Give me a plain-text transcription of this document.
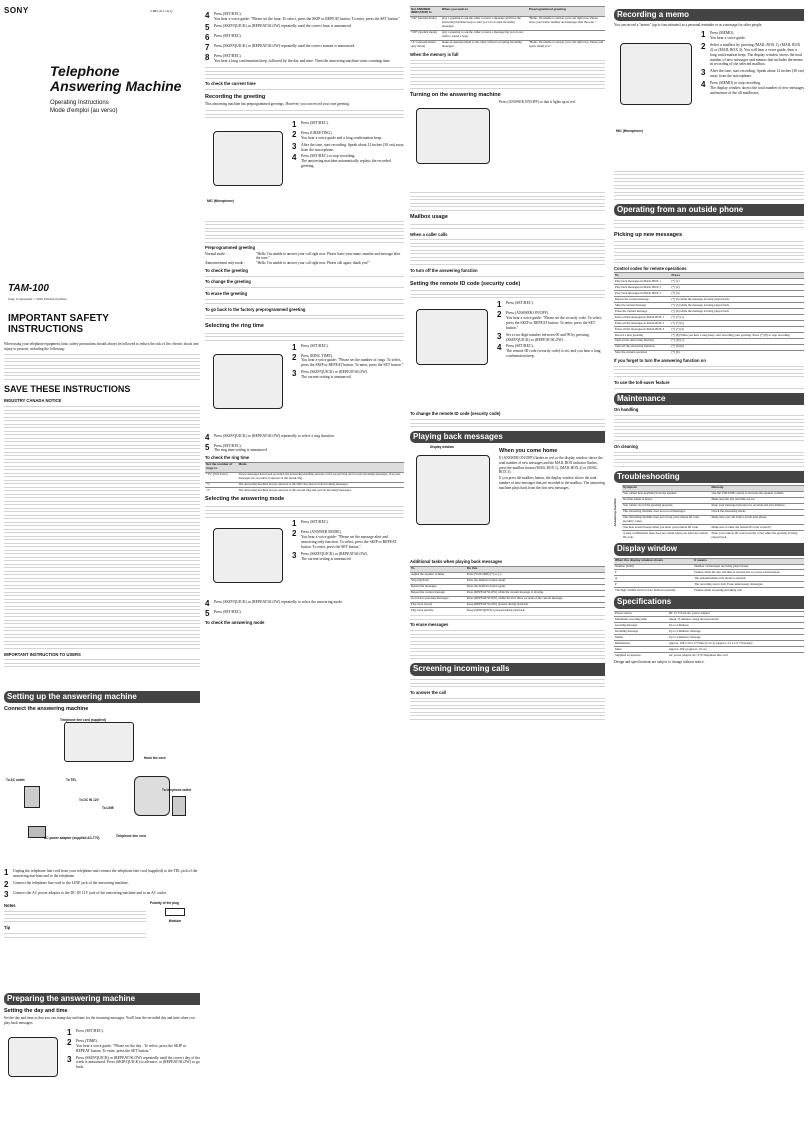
SONY	3-865-411-11(1)
Telephone
Answering Machine
Operating Instructions
Mode d'emploi (au verso)
TAM-100
Sony Corporation © 2001 Printed in China
IMPORTANT SAFETY
INSTRUCTIONS
When using your telephone equipment, basic safety precautions should always be followed to reduce the risk of fire, electric shock and injury to persons, including the following:
SAVE THESE INSTRUCTIONS
INDUSTRY CANADA NOTICE
IMPORTANT INSTRUCTION TO USERS
Setting up the answering machine
Connect the answering machine
Telephone line cord (supplied)
Hook the cord.
To AC outlet	To TEL
To DC IN 12V
To LINE
To telephone outlet
AC power adaptor (supplied AC-T70)	Telephone line cord
1	Unplug the telephone line cord from your telephone and connect the telephone line cord (supplied) to the TEL jack of the answering machine and to the telephone.
2	Connect the telephone line cord to the LINE jack of the answering machine.
3	Connect the AC power adaptor to the DC IN 12V jack of the answering machine and to an AC outlet.
Notes
Tip
Polarity of the plug
Modular
Preparing the answering machine
Setting the day and time
Set the day and time so that you can stamp day and time for the incoming messages. You'll hear the recorded day and time when you play back messages.
1	Press (SET/REC).
2	Press (TIME).
You hear a voice guide: "Please set the day . To select, press the SKIP or REPEAT button. To enter, press the SET button."
3	Press (SKIP/QUICK) or (REPEAT/SLOW) repeatedly until the correct day of the week is announced. Press (SKIP/QUICK) to advance, or (REPEAT/SLOW) to go back.
4	Press (SET/REC).
You hear a voice guide: "Please set the hour. To select, press the SKIP or REPEAT button. To enter, press the SET button."
5	Press (SKIP/QUICK) or (REPEAT/SLOW) repeatedly until the correct hour is announced.
6	Press (SET/REC).
7	Press (SKIP/QUICK) or (REPEAT/SLOW) repeatedly until the correct minute is announced.
8	Press (SET/REC).
You hear a long confirmation beep, followed by the day and time. Then the answering machine starts counting time.
To check the current time
Recording the greeting
This answering machine has preprogrammed greetings. However, you can record your own greeting.
MIC (Microphone)
1	Press (SET/REC).
2	Press (GREETING).
You hear a voice guide and a long confirmation beep.
3	After the tone, start recording. Speak about 12 inches (30 cm) away from the microphone.
4	Press (SET/REC) to stop recording.
The answering machine automatically replays the recorded greeting.
Preprogrammed greeting
Normal mode :	"Hello, I'm unable to answer your call right now. Please leave your name, number and message after the tone."
Announcement only mode :	"Hello, I'm unable to answer your call right now. Please call again, thank you!"
To check the greeting
To change the greeting
To erase the greeting
To go back to the factory preprogrammed greeting
Selecting the ring time
1	Press (SET/REC).
2	Press (RING TIME).
You hear a voice guide: "Please set the number of rings. To select, press the SKIP or REPEAT button. To enter, press the SET button."
3	Press (SKIP/QUICK) or (REPEAT/SLOW).
The current setting is announced.
4	Press (SKIP/QUICK) or (REPEAT/SLOW) repeatedly to select a ring duration.
5	Press (SET/REC).
The ring time setting is announced.
To check the ring time
Set the number of rings to	Mode
"TS" (Toll Saver)	If new messages have been recorded, the answering machine answers at the second ring and records incoming messages; if no new messages are recorded, it answers at the fourth ring.
"5"	The answering machine always answers at the fifth ring and records incoming messages.
"2"	The answering machine always answers at the second ring and records incoming messages.
Selecting the answering mode
1	Press (SET/REC).
2	Press (ANSWER MODE).
You hear a voice guide: "Please set the message alert and answering only function. To select, press the SKIP or REPEAT button. To enter, press the SET button."
3	Press (SKIP/QUICK) or (REPEAT/SLOW).
The current setting is announced.
4	Press (SKIP/QUICK) or (REPEAT/SLOW) repeatedly to select the answering mode.
5	Press (SET/REC).
To check the answering mode
Set ANSWER INDICATOR to	When you wish to	Preprogrammed greeting
"On" (normal mode)	play a greeting to ask the caller to leave a message and have the answering machine beep to alert you of recorded incoming messages.	"Hello, I'm unable to answer your call right now. Please leave your name, number and message after the tone."
"Off" (normal mode)	play a greeting to ask the caller to leave a message but you do not wish to sound a beep.	
"A" (announcement only mode)	make an announcement to the caller without accepting incoming messages.	"Hello, I'm unable to answer your call right now. Please call again, thank you."
When the memory is full
Turning on the answering machine
Press (ANSWER ON/OFF) so that it lights up in red.
Mailbox usage
When a caller calls
To turn off the answering function
Setting the remote ID code (security code)
1	Press (SET/REC).
2	Press (ANSWER ON/OFF).
You hear a voice guide: "Please set the security code. To select, press the SKIP or REPEAT button. To enter, press the SET button."
3	Set a two-digit number between 00 and 99 by pressing (SKIP/QUICK) or (REPEAT/SLOW).
4	Press (SET/REC).
The remote ID code (security code) is set, and you hear a long confirmation beep.
To change the remote ID code (security code)
Playing back messages
Display window
When you come home
If (ANSWER ON/OFF) flashes in red, or the display window shows the total number of new messages and the MAIL BOX indicator flashes, press the mailbox button (MAIL BOX 1), (MAIL BOX 2) or (MAIL BOX 3).
If you press the mailbox button, the display window shows the total number of new messages that are recorded to the mailbox. The answering machine plays back from the first new messages.
Additional tasks when playing back messages
To	Do this
Adjust the speaker volume	Press (VOLUME) (+) or (-).
Stop playback	Press the mailbox button again.
Repeat the messages	Press the mailbox button again.
Repeat the current message	Press (REPEAT/SLOW) while the current message is playing.
Go back to previous messages	Press (REPEAT/SLOW) within the first three seconds of the current message.
Play back slowly	Keep (REPEAT/SLOW) pressed during playback.
Play back quickly	Keep (SKIP/QUICK) pressed during playback.
To erase messages
Screening incoming calls
To answer the call
Recording a memo
You can record a "memo" (up to four minutes) as a personal reminder or as a message for other people.
MIC (Microphone)
1	Press (MEMO).
You hear a voice guide.
2	Select a mailbox by pressing (MAIL BOX 1), (MAIL BOX 2) or (MAIL BOX 3). You will hear a voice guide, then a long confirmation beep. The display window shows the total number of new messages and memos that includes the memo in recording of the selected mailbox.
3	After the tone, start recording. Speak about 12 inches (30 cm) away from the microphone.
4	Press (MEMO) to stop recording.
The display window shows the total number of new messages and memos of the all mailboxes.
Operating from an outside phone
Picking up new messages
Control codes for remote operations
To	Press
Play back messages in MAIL BOX 1	(*) (1)
Play back messages in MAIL BOX 2	(*) (2)
Play back messages in MAIL BOX 3	(*) (3)
Repeat the current message	(*) (4) while the message is being played back
Skip the current message	(*) (5) while the message is being played back
Erase the current message	(*) (6) while the message is being played back
Erase all the messages in MAIL BOX 1	(*) (7) (1)
Erase all the messages in MAIL BOX 2	(*) (7) (2)
Erase all the messages in MAIL BOX 3	(*) (7) (3)
Record a new greeting	(*) (8) When you hear a long beep, start recording your greeting. Press (*) (8) to stop recording.
Turn on the answering function	(*) (9) (1)
Turn off the answering function	(*) (9) (0)
Stop the current operation	(*) (0)
If you forget to turn the answering function on
To use the toll-saver feature
Maintenance
On handling
On cleaning
Troubleshooting
Answering machine
Symptom	Remedy
You cannot hear anything from the speaker.	Use the VOLUME control to increase the speaker volume.
No time stamp is heard.	Make sure the day and time are set.
You cannot record the greeting properly.	Keep your message between two seconds and four minutes.
The answering machine does not record messages.	Check the answering mode.
The answering machine does not accept your remote ID code (security code).	Make sure you call from a touch-tone phone.
You hear several beeps when you enter your remote ID code.	Make sure to enter the remote ID code correctly.
A long confirmation beep does not sound when you enter the remote ID code.	Enter your remote ID code (security code) while the greeting is being played back.
Display window
When the display window shows	It means
Number (0-99)	Number of messages are being played back.
F	Flashes when the day and time is cleared due to a power interruption.
A	The announcement only mode is selected.
P	The recording area is full. Erase unnecessary messages.
The high, middle and low bars flash successively	Flashes while screening incoming call.
Specifications
Power source	DC 12 V from AC power adaptor
Maximum recording time	About 15 minutes, using incorporated IC
Greeting message	Up to 4 minutes
Incoming message	Up to 4 minutes/ message
Memo	Up to 4 minutes/ message
Dimensions	Approx. 108 x 50 x 173 mm (w/ h/ d) (approx. 4 x 2 x 6 7/8 inches)
Mass	Approx. 260 g (approx. 10 oz)
Supplied accessories	AC power adaptor AC-T70 Telephone line cord
Design and specifications are subject to change without notice.
